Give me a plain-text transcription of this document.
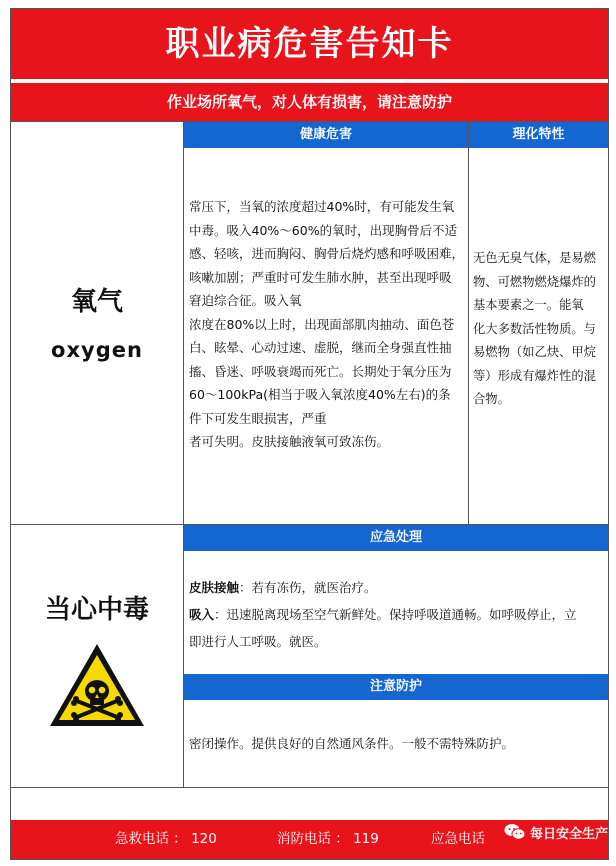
职业病危害告知卡
作业场所氧气，对人体有损害，请注意防护
健康危害	理化特性
氧气
oxygen
常压下，当氧的浓度超过40%时，有可能发生氧
中毒。吸入40%～60%的氧时，出现胸骨后不适
感、轻咳，进而胸闷、胸骨后烧灼感和呼吸困难，
咳嗽加剧；严重时可发生肺水肿，甚至出现呼吸
窘迫综合征。吸入氧
浓度在80%以上时，出现面部肌肉抽动、面色苍
白、眩晕、心动过速、虚脱，继而全身强直性抽
搐、昏迷、呼吸衰竭而死亡。长期处于氧分压为
60～100kPa(相当于吸入氧浓度40%左右)的条
件下可发生眼损害，严重
者可失明。皮肤接触液氧可致冻伤。
无色无臭气体，是易燃
物、可燃物燃烧爆炸的
基本要素之一。能氧
化大多数活性物质。与
易燃物（如乙炔、甲烷
等）形成有爆炸性的混
合物。
当心中毒
应急处理
皮肤接触：若有冻伤，就医治疗。
吸入：迅速脱离现场至空气新鲜处。保持呼吸道通畅。如呼吸停止，立
即进行人工呼吸。就医。
注意防护
密闭操作。提供良好的自然通风条件。一般不需特殊防护。
急救电话 ： 120	消防电话 ： 119	应急电话	每日安全生产
